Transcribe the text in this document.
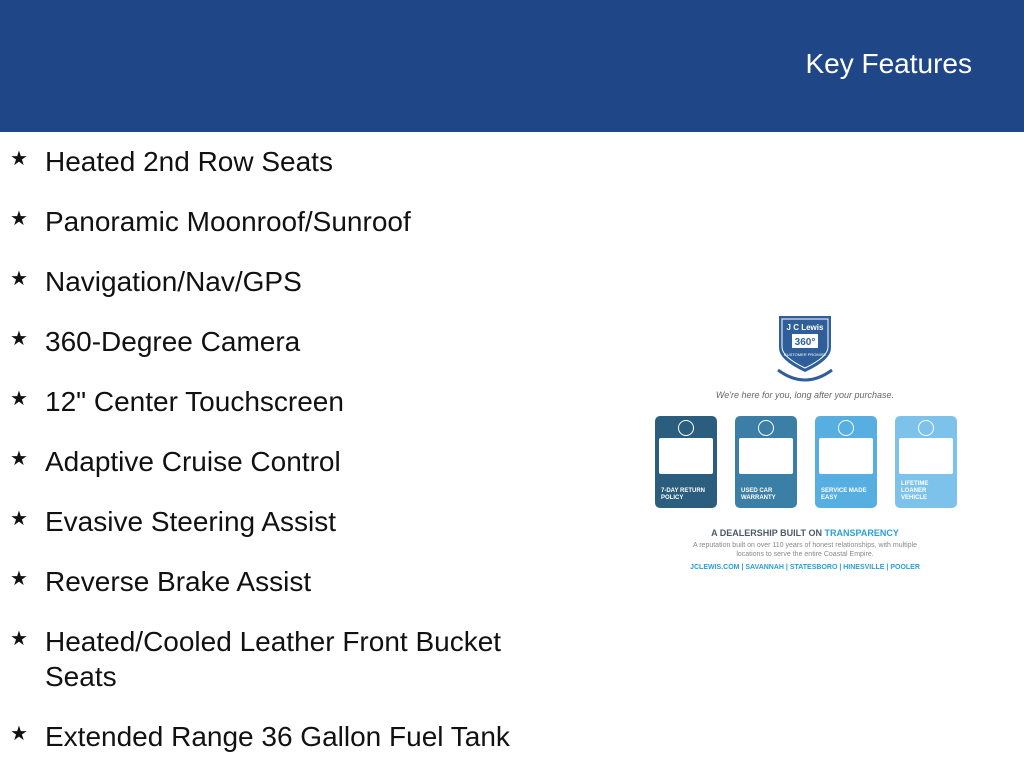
Key Features
★ Heated 2nd Row Seats
★ Panoramic Moonroof/Sunroof
★ Navigation/Nav/GPS
★ 360-Degree Camera
★ 12" Center Touchscreen
★ Adaptive Cruise Control
★ Evasive Steering Assist
★ Reverse Brake Assist
★ Heated/Cooled Leather Front Bucket Seats
★ Extended Range 36 Gallon Fuel Tank
J C Lewis
360°
CUSTOMER PROMISE
We're here for you, long after your purchase.
7-DAY RETURN POLICY
USED CAR WARRANTY
SERVICE MADE EASY
LIFETIME LOANER VEHICLE
A DEALERSHIP BUILT ON TRANSPARENCY
A reputation built on over 110 years of honest relationships, with multiple locations to serve the entire Coastal Empire.
JCLEWIS.COM | SAVANNAH | STATESBORO | HINESVILLE | POOLER
